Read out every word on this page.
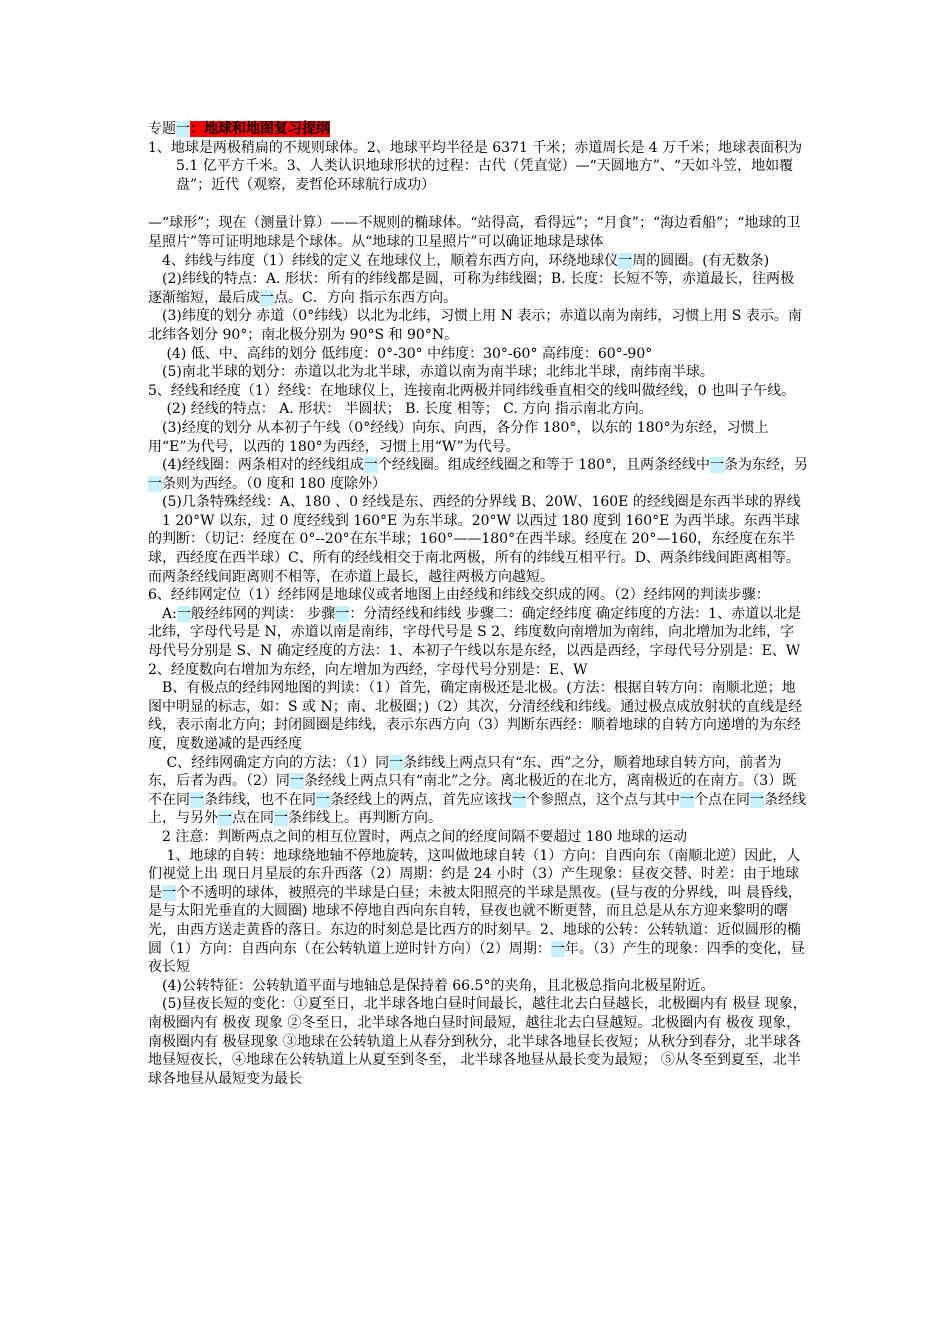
专题一：地球和地图复习提纲

1、地球是两极稍扁的不规则球体。2、地球平均半径是 6371 千米；赤道周长是 4 万千米；地球表面积为 5.1 亿平方千米。3、人类认识地球形状的过程：古代（凭直觉）—“天圆地方”、“天如斗笠，地如覆盘”；近代（观察，麦哲伦环球航行成功）

—“球形”；现在（测量计算）——不规则的椭球体。“站得高，看得远”；“月食”；“海边看船”；“地球的卫星照片”等可证明地球是个球体。从“地球的卫星照片”可以确证地球是球体

　4、纬线与纬度（1）纬线的定义 在地球仪上，顺着东西方向，环绕地球仪一周的圆圈。(有无数条)

　(2)纬线的特点：A. 形状：所有的纬线都是圆，可称为纬线圈；B. 长度：长短不等，赤道最长，往两极逐渐缩短，最后成一点。C．方向 指示东西方向。

　(3)纬度的划分 赤道（0°纬线）以北为北纬，习惯上用 N 表示；赤道以南为南纬，习惯上用 S 表示。南北纬各划分 90°；南北极分别为 90°S 和 90°N。

　 (4) 低、中、高纬的划分 低纬度：0°-30° 中纬度：30°-60° 高纬度：60°-90°

　(5)南北半球的划分：赤道以北为北半球，赤道以南为南半球；北纬北半球，南纬南半球。

5、经线和经度（1）经线：在地球仪上，连接南北两极并同纬线垂直相交的线叫做经线，0 也叫子午线。

　 (2) 经线的特点： A. 形状： 半圆状； B. 长度 相等； C. 方向 指示南北方向。

　(3)经度的划分 从本初子午线（0°经线）向东、向西，各分作 180°，以东的 180°为东经，习惯上用“E”为代号，以西的 180°为西经，习惯上用“W”为代号。

　(4)经线圈：两条相对的经线组成一个经线圈。组成经线圈之和等于 180°，且两条经线中一条为东经，另一条则为西经。（0 度和 180 度除外）

　(5)几条特殊经线：A、180 、0 经线是东、西经的分界线 B、20W、160E 的经线圈是东西半球的界线

　1 20°W 以东，过 0 度经线到 160°E 为东半球。20°W 以西过 180 度到 160°E 为西半球。东西半球的判断：（切记：经度在 0°--20°在东半球；160°——180°在西半球。经度在 20°—160，东经度在东半球，西经度在西半球）C、所有的经线相交于南北两极，所有的纬线互相平行。D、两条纬线间距离相等。而两条经线间距离则不相等，在赤道上最长，越往两极方向越短。

6、经纬网定位（1）经纬网是地球仪或者地图上由经线和纬线交织成的网。（2）经纬网的判读步骤：

　A:一般经纬网的判读： 步骤一：分清经线和纬线 步骤二：确定经纬度 确定纬度的方法：1、赤道以北是北纬，字母代号是 N，赤道以南是南纬，字母代号是 S 2、纬度数向南增加为南纬，向北增加为北纬，字母代号分别是 S、N 确定经度的方法：1、本初子午线以东是东经，以西是西经，字母代号分别是：E、W 2、经度数向右增加为东经，向左增加为西经，字母代号分别是：E、W

　B、有极点的经纬网地图的判读：（1）首先，确定南极还是北极。(方法：根据自转方向：南顺北逆；地图中明显的标志，如：S 或 N；南、北极圈；)（2）其次，分清经线和纬线。通过极点成放射状的直线是经线，表示南北方向；封闭圆圈是纬线，表示东西方向（3）判断东西经：顺着地球的自转方向递增的为东经度，度数递减的是西经度

　 C、经纬网确定方向的方法：（1）同一条纬线上两点只有“东、西”之分，顺着地球自转方向，前者为东，后者为西。（2）同一条经线上两点只有“南北”之分。离北极近的在北方，离南极近的在南方。（3）既不在同一条纬线，也不在同一条经线上的两点，首先应该找一个参照点，这个点与其中一个点在同一条经线上，与另外一点在同一条纬线上。再判断方向。

　2 注意：判断两点之间的相互位置时，两点之间的经度间隔不要超过 180 地球的运动

　 1、地球的自转：地球绕地轴不停地旋转，这叫做地球自转（1）方向：自西向东（南顺北逆）因此，人们视觉上出 现日月星辰的东升西落（2）周期：约是 24 小时（3）产生现象：昼夜交替、时差：由于地球是一个不透明的球体，被照亮的半球是白昼；未被太阳照亮的半球是黑夜。(昼与夜的分界线，叫 晨昏线，是与太阳光垂直的大圆圈) 地球不停地自西向东自转，昼夜也就不断更替，而且总是从东方迎来黎明的曙光，由西方送走黄昏的落日。东边的时刻总是比西方的时刻早。2、地球的公转：公转轨道：近似圆形的椭圆（1）方向：自西向东（在公转轨道上逆时针方向）（2）周期：一年。（3）产生的现象：四季的变化，昼夜长短

　(4)公转特征：公转轨道平面与地轴总是保持着 66.5°的夹角，且北极总指向北极星附近。

　(5)昼夜长短的变化：①夏至日，北半球各地白昼时间最长，越往北去白昼越长，北极圈内有 极昼 现象，南极圈内有 极夜 现象 ②冬至日，北半球各地白昼时间最短，越往北去白昼越短。北极圈内有 极夜 现象，南极圈内有 极昼现象 ③地球在公转轨道上从春分到秋分，北半球各地昼长夜短；从秋分到春分，北半球各地昼短夜长，④地球在公转轨道上从夏至到冬至， 北半球各地昼从最长变为最短； ⑤从冬至到夏至，北半球各地昼从最短变为最长
